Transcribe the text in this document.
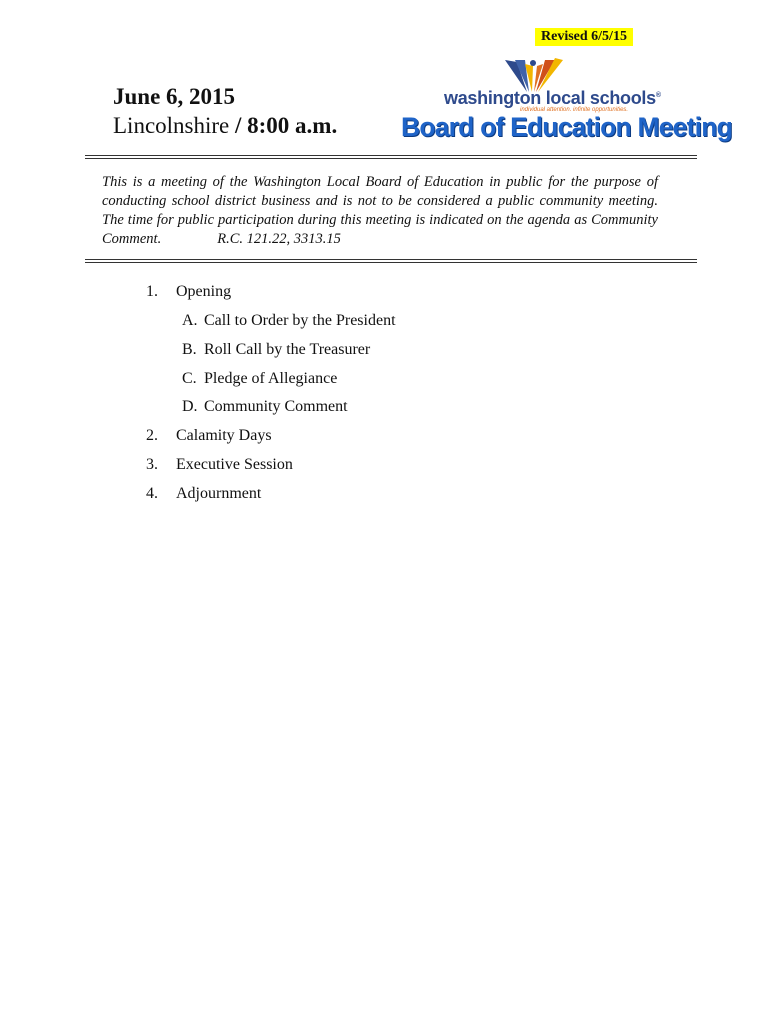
Revised 6/5/15
June 6, 2015
Lincolnshire / 8:00 a.m.
washington local schools®
individual attention. infinite opportunities.
Board of Education Meeting
This is a meeting of the Washington Local Board of Education in public for the purpose of conducting school district business and is not to be considered a public community meeting. The time for public participation during this meeting is indicated on the agenda as Community Comment.	R.C. 121.22, 3313.15
1. Opening
A. Call to Order by the President
B. Roll Call by the Treasurer
C. Pledge of Allegiance
D. Community Comment
2. Calamity Days
3. Executive Session
4. Adjournment
